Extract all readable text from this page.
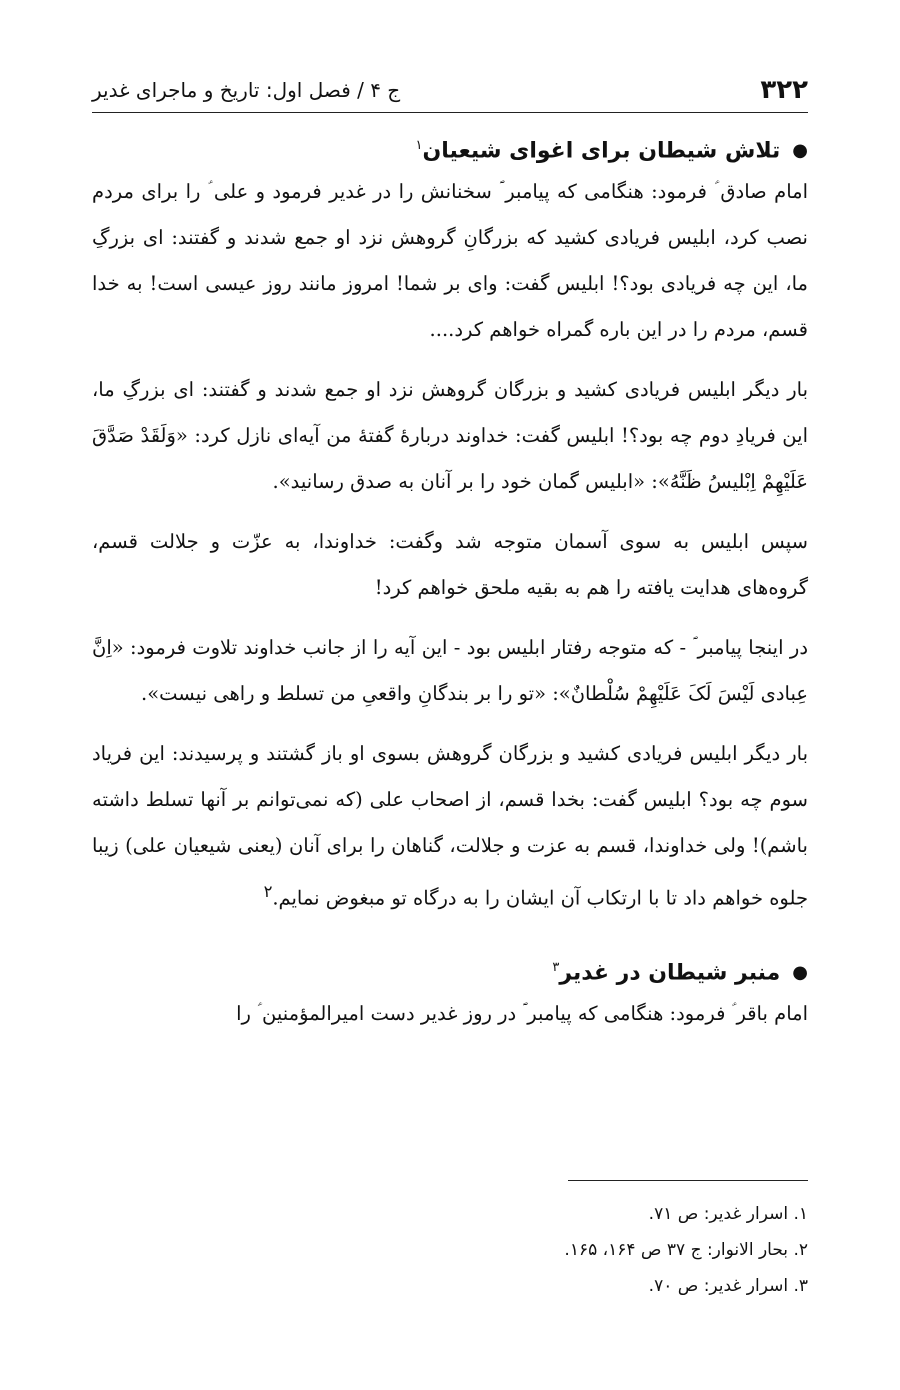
۳۲۲
ج ۴ / فصل اول: تاریخ و ماجرای غدیر
●
تلاش شیطان برای اغوای شیعیان$^۱$

امام صادق ؑ فرمود: هنگامی که پیامبر ؐ سخنانش را در غدیر فرمود و علی ؑ را برای مردم نصب کرد، ابلیس فریادی کشید که بزرگانِ گروهش نزد او جمع شدند و گفتند: ای بزرگِ ما، این چه فریادی بود؟! ابلیس گفت: وای بر شما! امروز مانند روز عیسی است! به خدا قسم، مردم را در این باره گمراه خواهم کرد....

بار دیگر ابلیس فریادی کشید و بزرگان گروهش نزد او جمع شدند و گفتند: ای بزرگِ ما، این فریادِ دوم چه بود؟! ابلیس گفت: خداوند دربارۀ گفتۀ من آیه‌ای نازل کرد: «وَلَقَدْ صَدَّقَ عَلَیْهِمْ اِبْلیسُ ظَنَّهُ»: «ابلیس گمان خود را بر آنان به صدق رسانید».

سپس ابلیس به سوی آسمان متوجه شد وگفت: خداوندا، به عزّت و جلالت قسم، گروه‌های هدایت یافته را هم به بقیه ملحق خواهم کرد!

در اینجا پیامبر ؐ - که متوجه رفتار ابلیس بود - این آیه را از جانب خداوند تلاوت فرمود: «اِنَّ عِبادی لَیْسَ لَکَ عَلَیْهِمْ سُلْطانٌ»: «تو را بر بندگانِ واقعیِ من تسلط و راهی نیست».

بار دیگر ابلیس فریادی کشید و بزرگان گروهش بسوی او باز گشتند و پرسیدند: این فریاد سوم چه بود؟ ابلیس گفت: بخدا قسم، از اصحاب علی (که نمی‌توانم بر آنها تسلط داشته باشم)! ولی خداوندا، قسم به عزت و جلالت، گناهان را برای آنان (یعنی شیعیان علی) زیبا جلوه خواهم داد تا با ارتکاب آن ایشان را به درگاه تو مبغوض نمایم.$^۲$

●
منبر شیطان در غدیر$^۳$

امام باقر ؑ فرمود: هنگامی که پیامبر ؐ در روز غدیر دست امیرالمؤمنین ؑ را

۱. اسرار غدیر: ص ۷۱.
۲. بحار الانوار: ج ۳۷ ص ۱۶۴، ۱۶۵.
۳. اسرار غدیر: ص ۷۰.
